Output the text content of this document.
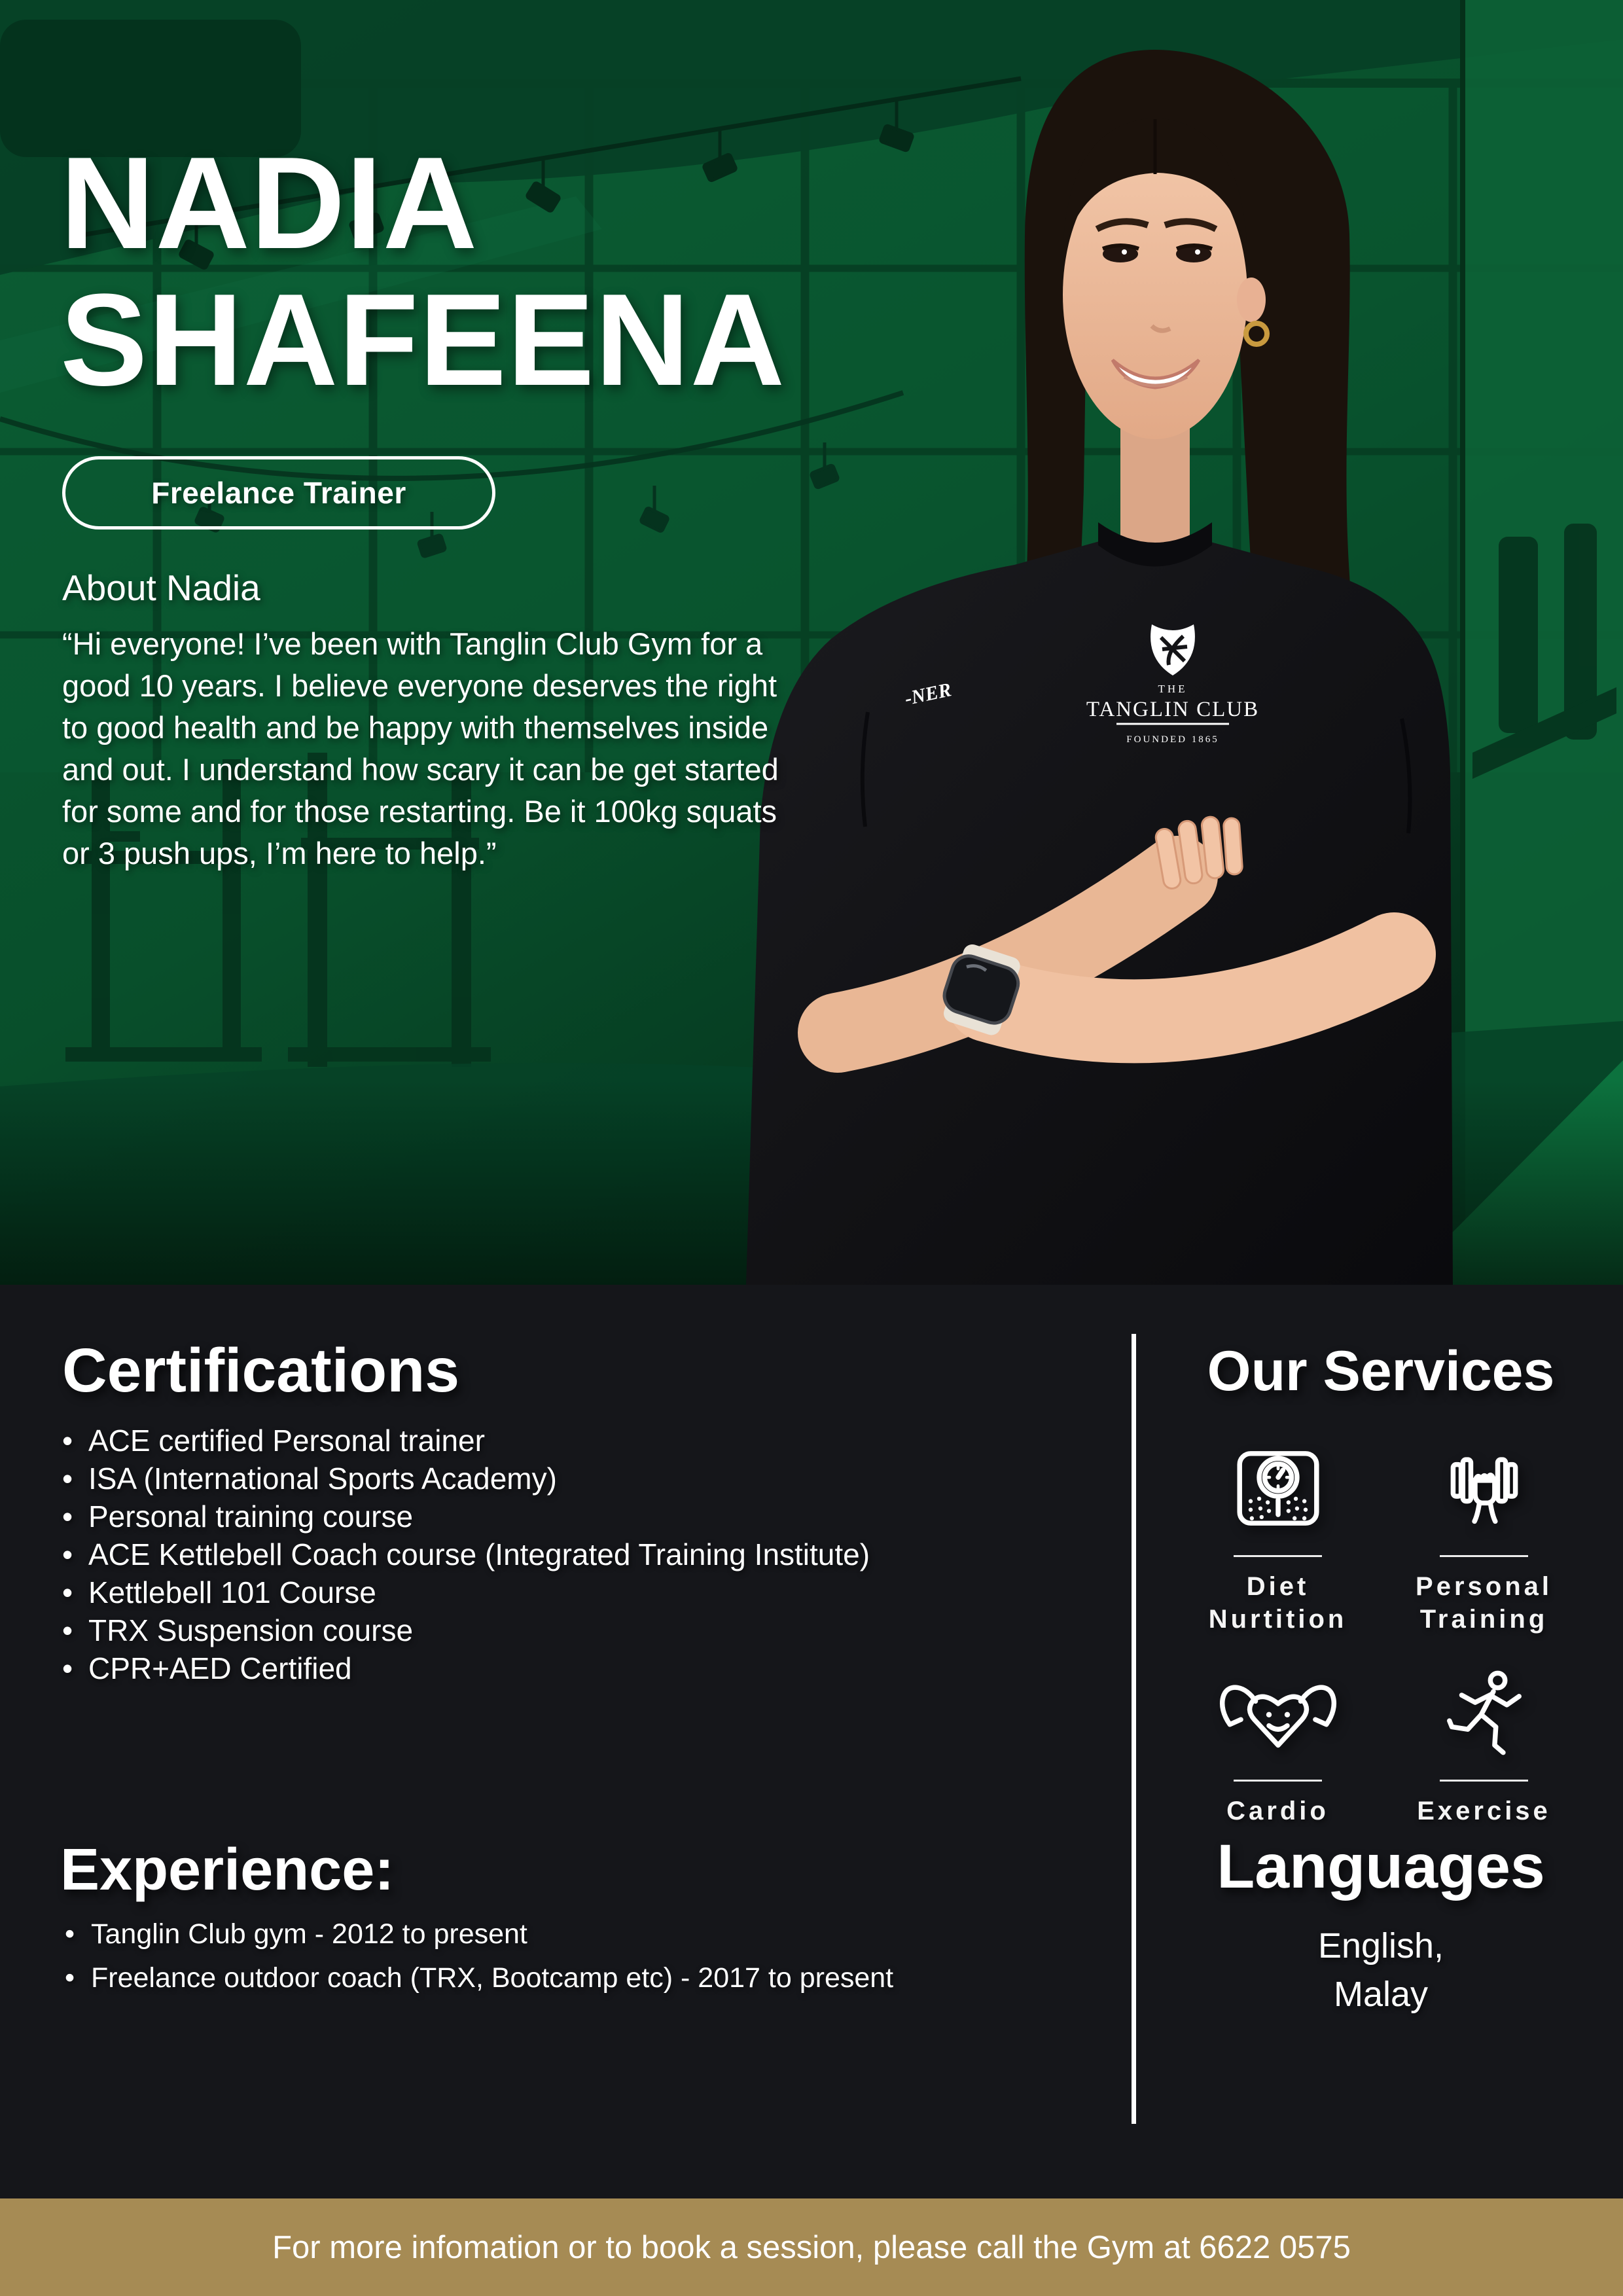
-NER	THE
TANGLIN CLUB
FOUNDED 1865
NADIA
SHAFEENA
Freelance Trainer
About Nadia
“Hi everyone! I’ve been with Tanglin Club Gym for a good 10 years. I believe everyone deserves the right to good health and be happy with themselves inside and out. I understand how scary it can be get started for some and for those restarting. Be it 100kg squats or 3 push ups, I’m here to help.”
Certifications
• ACE certified Personal trainer
• ISA (International Sports Academy)
• Personal training course
• ACE Kettlebell Coach course (Integrated Training Institute)
• Kettlebell 101 Course
• TRX Suspension course
• CPR+AED Certified
Experience:
• Tanglin Club gym - 2012 to present
• Freelance outdoor coach (TRX, Bootcamp etc) - 2017 to present
Our Services
Diet
Nurtition
Personal
Training
Cardio	Exercise
Languages
English,
Malay
For more infomation or to book a session, please call the Gym at 6622 0575
